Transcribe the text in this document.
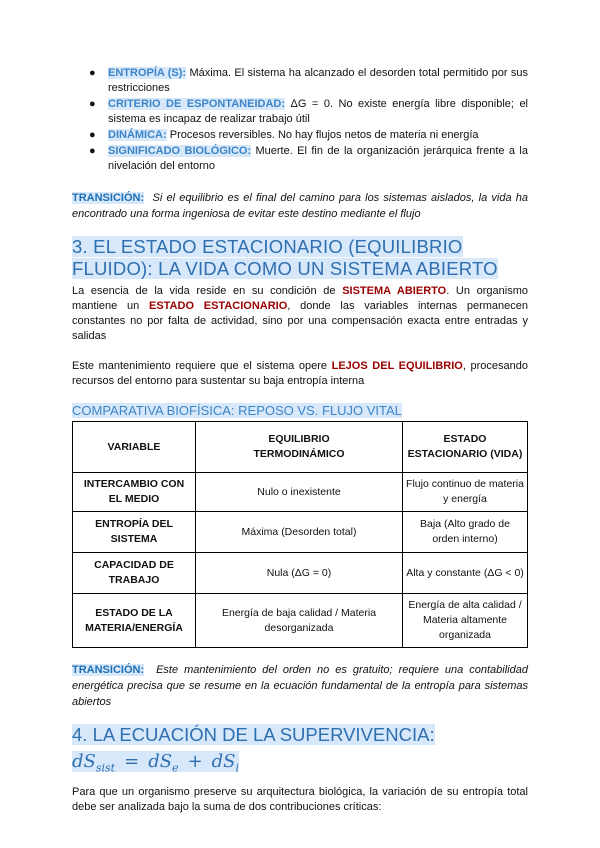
● ENTROPÍA (S): Máxima. El sistema ha alcanzado el desorden total permitido por sus restricciones
● CRITERIO DE ESPONTANEIDAD: ΔG = 0. No existe energía libre disponible; el sistema es incapaz de realizar trabajo útil
● DINÁMICA: Procesos reversibles. No hay flujos netos de materia ni energía
● SIGNIFICADO BIOLÓGICO: Muerte. El fin de la organización jerárquica frente a la nivelación del entorno
TRANSICIÓN: Si el equilibrio es el final del camino para los sistemas aislados, la vida ha encontrado una forma ingeniosa de evitar este destino mediante el flujo
3. EL ESTADO ESTACIONARIO (EQUILIBRIO FLUIDO): LA VIDA COMO UN SISTEMA ABIERTO
La esencia de la vida reside en su condición de SISTEMA ABIERTO. Un organismo mantiene un ESTADO ESTACIONARIO, donde las variables internas permanecen constantes no por falta de actividad, sino por una compensación exacta entre entradas y salidas
Este mantenimiento requiere que el sistema opere LEJOS DEL EQUILIBRIO, procesando recursos del entorno para sustentar su baja entropía interna
COMPARATIVA BIOFÍSICA: REPOSO VS. FLUJO VITAL
VARIABLE	EQUILIBRIO TERMODINÁMICO	ESTADO ESTACIONARIO (VIDA)
INTERCAMBIO CON EL MEDIO	Nulo o inexistente	Flujo continuo de materia y energía
ENTROPÍA DEL SISTEMA	Máxima (Desorden total)	Baja (Alto grado de orden interno)
CAPACIDAD DE TRABAJO	Nula (ΔG = 0)	Alta y constante (ΔG < 0)
ESTADO DE LA MATERIA/ENERGÍA	Energía de baja calidad / Materia desorganizada	Energía de alta calidad / Materia altamente organizada
TRANSICIÓN: Este mantenimiento del orden no es gratuito; requiere una contabilidad energética precisa que se resume en la ecuación fundamental de la entropía para sistemas abiertos
4. LA ECUACIÓN DE LA SUPERVIVENCIA:
$dS_{sist} = dS_e + dS_i$
Para que un organismo preserve su arquitectura biológica, la variación de su entropía total debe ser analizada bajo la suma de dos contribuciones críticas:
